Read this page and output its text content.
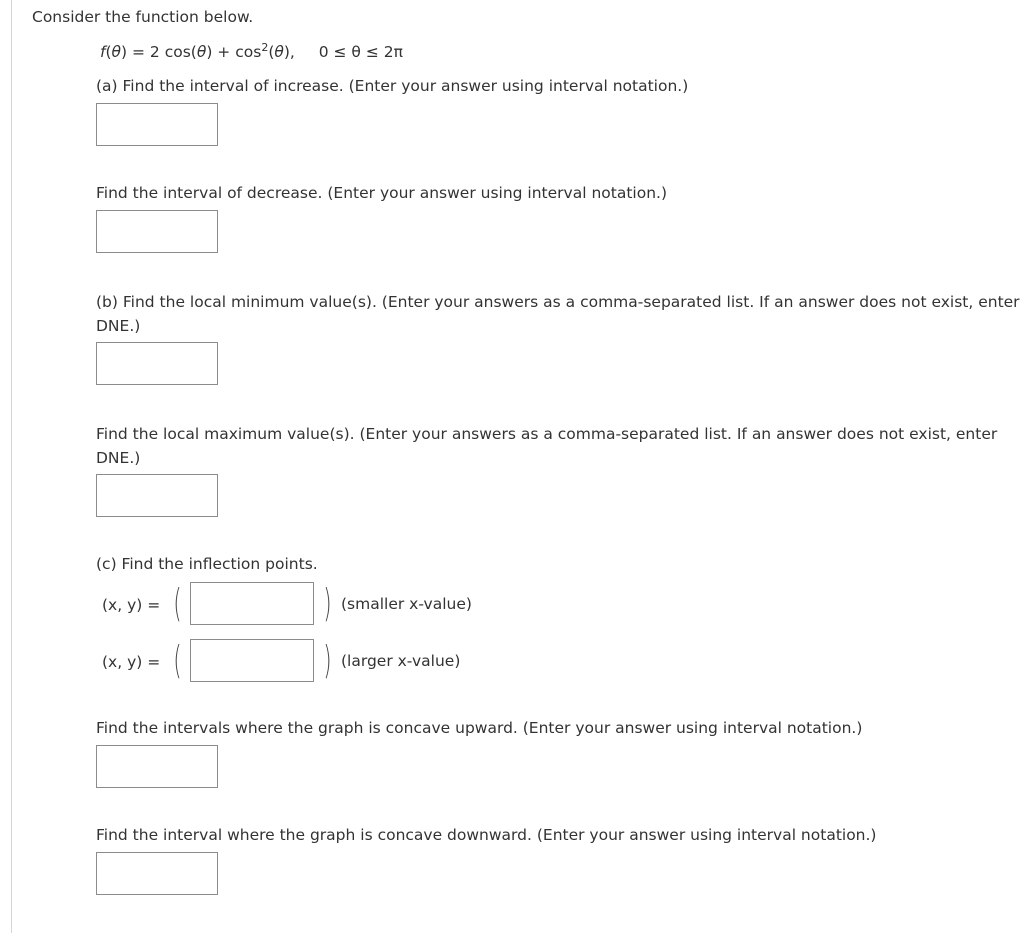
Consider the function below.
f(θ) = 2 $\cos(\theta) + \cos^2(\theta)$, 0 ≤ θ ≤ 2π
(a) Find the interval of increase. (Enter your answer using interval notation.)
Find the interval of decrease. (Enter your answer using interval notation.)
(b) Find the local minimum value(s). (Enter your answers as a comma-separated list. If an answer does not exist, enter DNE.)
Find the local maximum value(s). (Enter your answers as a comma-separated list. If an answer does not exist, enter DNE.)
(c) Find the inflection points.
(x, y) = (	) (smaller x-value)
(x, y) = (	) (larger x-value)
Find the intervals where the graph is concave upward. (Enter your answer using interval notation.)
Find the interval where the graph is concave downward. (Enter your answer using interval notation.)
